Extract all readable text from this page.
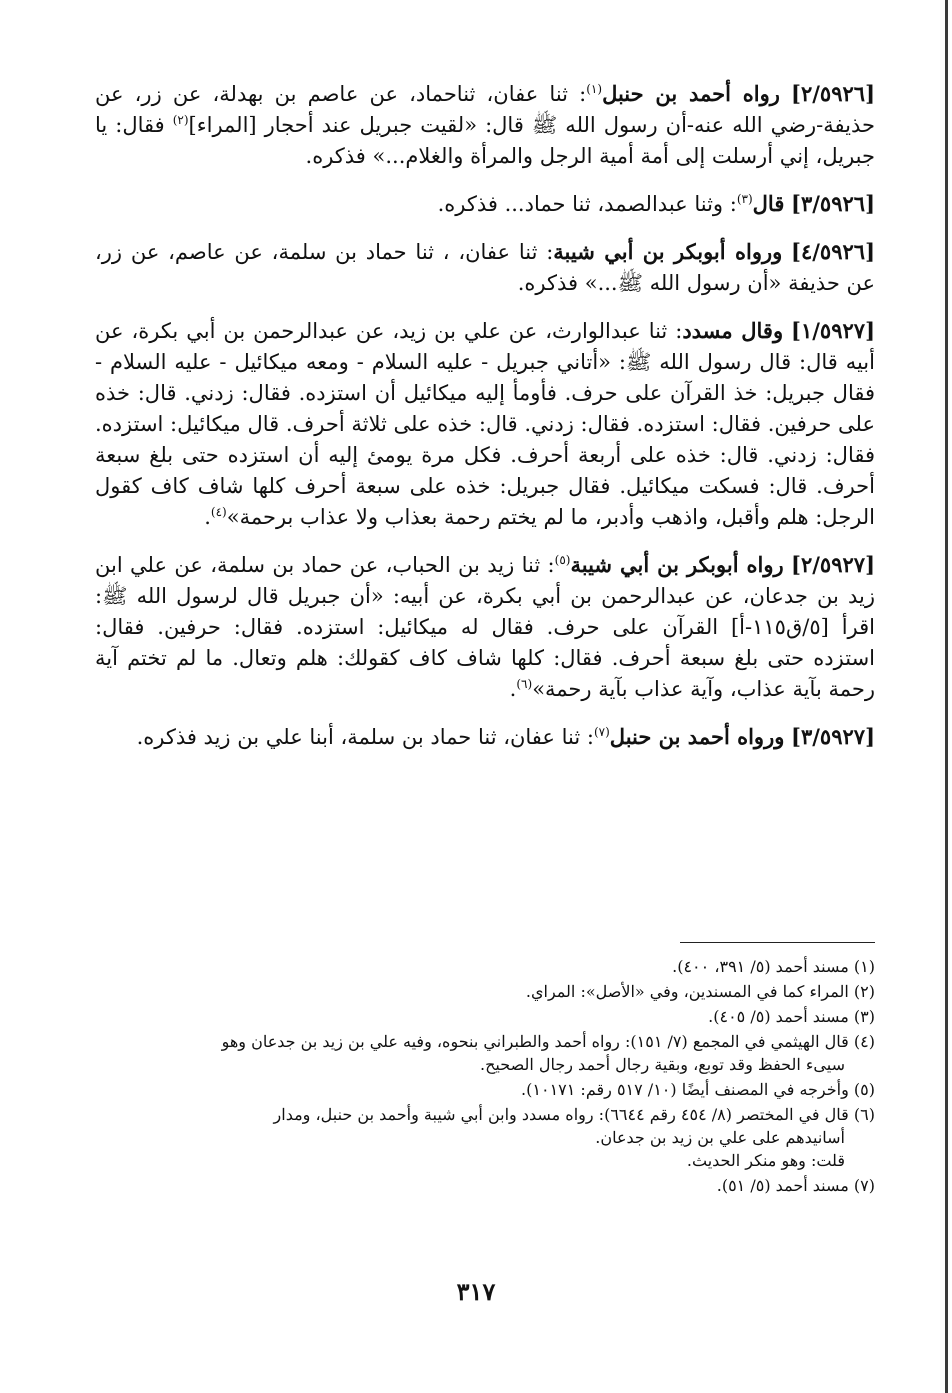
[٢/٥٩٢٦] رواه أحمد بن حنبل$^{(١)}$: ثنا عفان، ثناحماد، عن عاصم بن بهدلة، عن زر، عن حذيفة-رضي الله عنه-أن رسول الله ﷺ قال: «لقيت جبريل عند أحجار [المراء]$^{(٢)}$ فقال: يا جبريل، إني أرسلت إلى أمة أمية الرجل والمرأة والغلام...» فذكره.

[٣/٥٩٢٦] قال$^{(٣)}$: وثنا عبدالصمد، ثنا حماد... فذكره.

[٤/٥٩٢٦] ورواه أبوبكر بن أبي شيبة: ثنا عفان، ، ثنا حماد بن سلمة، عن عاصم، عن زر، عن حذيفة «أن رسول الله ﷺ...» فذكره.

[١/٥٩٢٧] وقال مسدد: ثنا عبدالوارث، عن علي بن زيد، عن عبدالرحمن بن أبي بكرة، عن أبيه قال: قال رسول الله ﷺ: «أتاني جبريل - عليه السلام - ومعه ميكائيل - عليه السلام - فقال جبريل: خذ القرآن على حرف. فأومأ إليه ميكائيل أن استزده. فقال: زدني. قال: خذه على حرفين. فقال: استزده. فقال: زدني. قال: خذه على ثلاثة أحرف. قال ميكائيل: استزده. فقال: زدني. قال: خذه على أربعة أحرف. فكل مرة يومئ إليه أن استزده حتى بلغ سبعة أحرف. قال: فسكت ميكائيل. فقال جبريل: خذه على سبعة أحرف كلها شاف كاف كقول الرجل: هلم وأقبل، واذهب وأدبر، ما لم يختم رحمة بعذاب ولا عذاب برحمة»$^{(٤)}$.

[٢/٥٩٢٧] رواه أبوبكر بن أبي شيبة$^{(٥)}$: ثنا زيد بن الحباب، عن حماد بن سلمة، عن علي ابن زيد بن جدعان، عن عبدالرحمن بن أبي بكرة، عن أبيه: «أن جبريل قال لرسول الله ﷺ: اقرأ [٥/ق١١٥-أ] القرآن على حرف. فقال له ميكائيل: استزده. فقال: حرفين. فقال: استزده حتى بلغ سبعة أحرف. فقال: كلها شاف كاف كقولك: هلم وتعال. ما لم تختم آية رحمة بآية عذاب، وآية عذاب بآية رحمة»$^{(٦)}$.

[٣/٥٩٢٧] ورواه أحمد بن حنبل$^{(٧)}$: ثنا عفان، ثنا حماد بن سلمة، أبنا علي بن زيد فذكره.

(١) مسند أحمد (٥/ ٣٩١، ٤٠٠).
(٢) المراء كما في المسندين، وفي «الأصل»: المراي.
(٣) مسند أحمد (٥/ ٤٠٥).
(٤) قال الهيثمي في المجمع (٧/ ١٥١): رواه أحمد والطبراني بنحوه، وفيه علي بن زيد بن جدعان وهو
سيىء الحفظ وقد توبع، وبقية رجال أحمد رجال الصحيح.
(٥) وأخرجه في المصنف أيضًا (١٠/ ٥١٧ رقم: ١٠١٧١).
(٦) قال في المختصر (٨/ ٤٥٤ رقم ٦٦٤٤): رواه مسدد وابن أبي شيبة وأحمد بن حنبل، ومدار
أسانيدهم على علي بن زيد بن جدعان.
قلت: وهو منكر الحديث.
(٧) مسند أحمد (٥/ ٥١).
٣١٧
